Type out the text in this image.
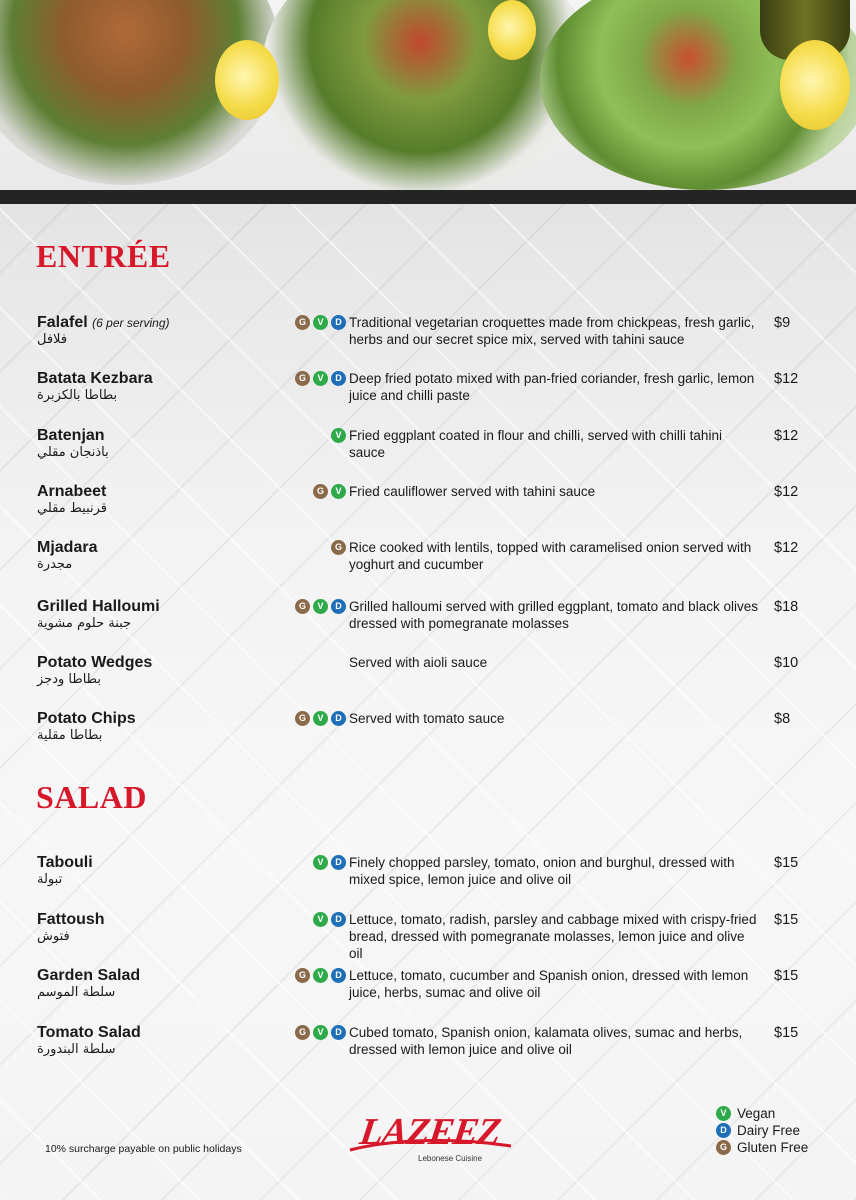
ENTRÉE
Falafel (6 per serving)
فلافل
G	V	D Traditional vegetarian croquettes made from chickpeas, fresh garlic, herbs and our secret spice mix, served with tahini sauce
$9
Batata Kezbara
بطاطا بالكزبرة
G	V	D Deep fried potato mixed with pan-fried coriander, fresh garlic, lemon juice and chilli paste
$12
Batenjan
باذنجان مقلي
V Fried eggplant coated in flour and chilli, served with chilli tahini sauce
$12
Arnabeet
قرنبيط مقلي
G	V Fried cauliflower served with tahini sauce	$12
Mjadara
مجدرة
G Rice cooked with lentils, topped with caramelised onion served with yoghurt and cucumber
$12
Grilled Halloumi
جبنة حلوم مشوية
G	V	D Grilled halloumi served with grilled eggplant, tomato and black olives dressed with pomegranate molasses
$18
Potato Wedges
بطاطا ودجز
Served with aioli sauce	$10
Potato Chips
بطاطا مقلية
G	V	D Served with tomato sauce	$8
SALAD
Tabouli
تبولة
V	D Finely chopped parsley, tomato, onion and burghul, dressed with mixed spice, lemon juice and olive oil
$15
Fattoush
فتوش
V	D Lettuce, tomato, radish, parsley and cabbage mixed with crispy-fried bread, dressed with pomegranate molasses, lemon juice and olive oil
$15
Garden Salad
سلطة الموسم
G	V	D Lettuce, tomato, cucumber and Spanish onion, dressed with lemon juice, herbs, sumac and olive oil
$15
Tomato Salad
سلطة البندورة
G	V	D Cubed tomato, Spanish onion, kalamata olives, sumac and herbs, dressed with lemon juice and olive oil
$15
10% surcharge payable on public holidays	LAZEEZ
Lebonese Cuisine
V Vegan
D Dairy Free
G Gluten Free
